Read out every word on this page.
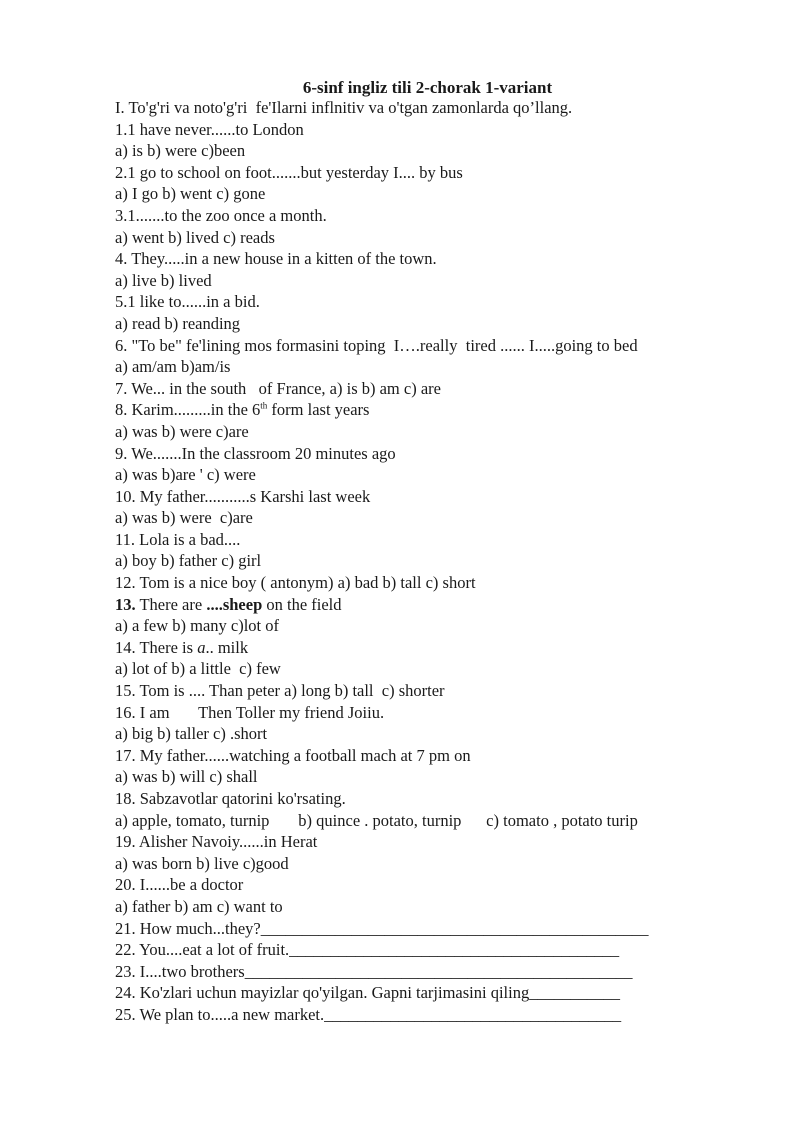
6-sinf ingliz tili 2-chorak 1-variant
I. To'g'ri va noto'g'ri  fe'Ilarni inflnitiv va o'tgan zamonlarda qo’llang.
1.1 have never......to London
a) is b) were c)been
2.1 go to school on foot.......but yesterday I.... by bus
a) I go b) went c) gone
3.1.......to the zoo once a month.
a) went b) lived c) reads
4. They.....in a new house in a kitten of the town.
a) live b) lived
5.1 like to......in a bid.
a) read b) reanding
6. "To be" fe'lining mos formasini toping  I….really  tired ...... I.....going to bed
a) am/am b)am/is
7. We... in the south   of France, a) is b) am c) are
8. Karim.........in the 6th form last years
a) was b) were c)are
9. We.......In the classroom 20 minutes ago
a) was b)are ' c) were
10. My father...........s Karshi last week
a) was b) were  c)are
11. Lola is a bad....
a) boy b) father c) girl
12. Tom is a nice boy ( antonym) a) bad b) tall c) short
13. There are ....sheep on the field
a) a few b) many c)lot of
14. There is a.. milk
a) lot of b) a little  c) few
15. Tom is .... Than peter a) long b) tall  c) shorter
16. I am       Then Toller my friend Joiiu.
a) big b) taller c) .short
17. My father......watching a football mach at 7 pm on
a) was b) will c) shall
18. Sabzavotlar qatorini ko'rsating.
a) apple, tomato, turnip       b) quince . potato, turnip      c) tomato , potato turip
19. Alisher Navoiy......in Herat
a) was born b) live c)good
20. I......be a doctor
a) father b) am c) want to
21. How much...they?_______________________________________________
22. You....eat a lot of fruit.________________________________________
23. I....two brothers_______________________________________________
24. Ko'zlari uchun mayizlar qo'yilgan. Gapni tarjimasini qiling___________
25. We plan to.....a new market.____________________________________
